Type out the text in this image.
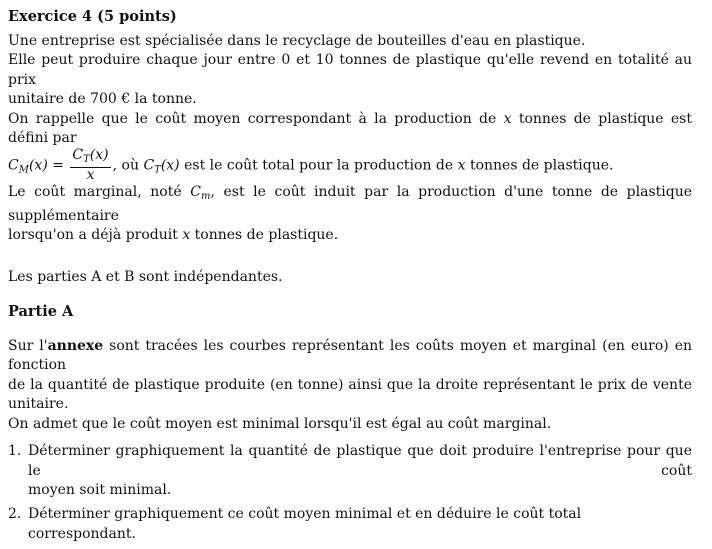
Exercice 4 (5 points)

Une entreprise est spécialisée dans le recyclage de bouteilles d'eau en plastique.

Elle peut produire chaque jour entre 0 et 10 tonnes de plastique qu'elle revend en totalité au prix
unitaire de 700 € la tonne.

On rappelle que le coût moyen correspondant à la production de x tonnes de plastique est défini par

$C_M(x) = \frac{C_T(x)}{x}$ , où $C_T(x)$ est le coût total pour la production de x tonnes de plastique.

Le coût marginal, noté $C_m$, est le coût induit par la production d'une tonne de plastique supplémentaire
lorsqu'on a déjà produit x tonnes de plastique.

Les parties A et B sont indépendantes.

Partie A

Sur l'annexe sont tracées les courbes représentant les coûts moyen et marginal (en euro) en fonction
de la quantité de plastique produite (en tonne) ainsi que la droite représentant le prix de vente
unitaire.

On admet que le coût moyen est minimal lorsqu'il est égal au coût marginal.

1. Déterminer graphiquement la quantité de plastique que doit produire l'entreprise pour que le coût
moyen soit minimal.
2. Déterminer graphiquement ce coût moyen minimal et en déduire le coût total correspondant.
